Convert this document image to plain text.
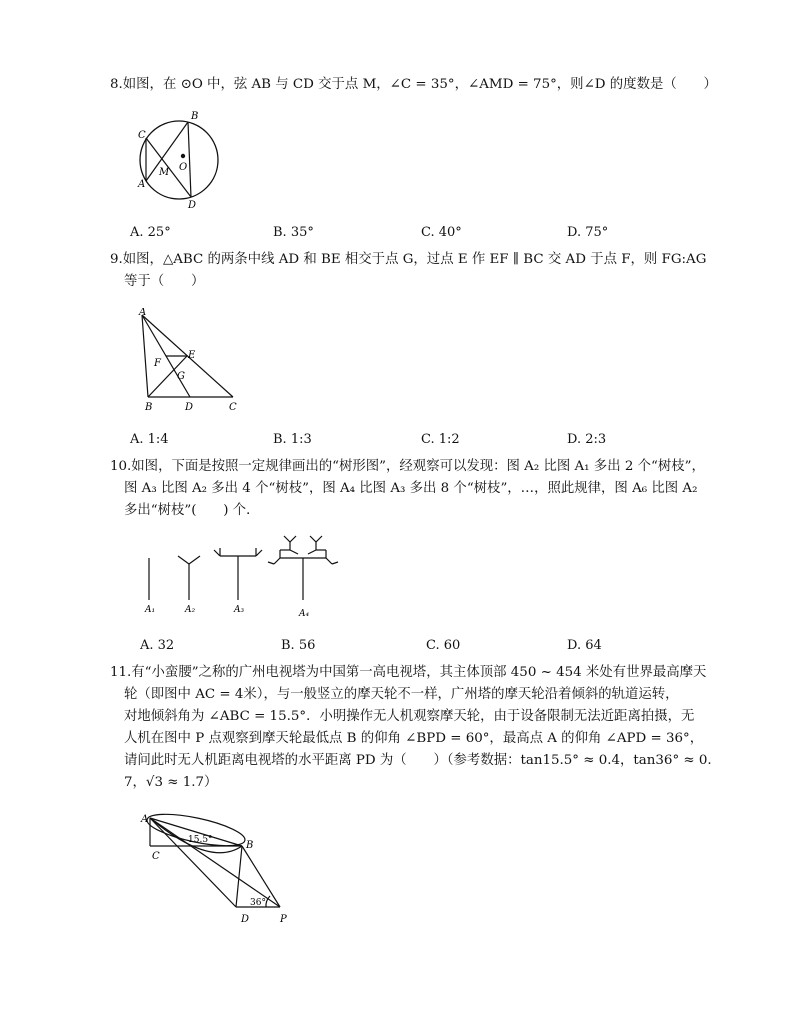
8.如图，在 ⊙O 中，弦 AB 与 CD 交于点 M，∠C = 35°，∠AMD = 75°，则∠D 的度数是（　　）
B
C
O
M
A
D
A. 25°	B. 35°	C. 40°	D. 75°
9.如图，△ABC 的两条中线 AD 和 BE 相交于点 G，过点 E 作 EF ∥ BC 交 AD 于点 F，则 FG:AG
等于（　　）
A
E
F
G
B	D	C
A. 1:4	B. 1:3	C. 1:2	D. 2:3
10.如图，下面是按照一定规律画出的“树形图”，经观察可以发现：图 A₂ 比图 A₁ 多出 2 个“树枝”，
图 A₃ 比图 A₂ 多出 4 个“树枝”，图 A₄ 比图 A₃ 多出 8 个“树枝”，…，照此规律，图 A₆ 比图 A₂
多出“树枝”(　　) 个．
A₁	A₂	A₃	A₄
A. 32	B. 56	C. 60	D. 64
11.有“小蛮腰”之称的广州电视塔为中国第一高电视塔，其主体顶部 450 ~ 454 米处有世界最高摩天
轮（即图中 AC = 4米），与一般竖立的摩天轮不一样，广州塔的摩天轮沿着倾斜的轨道运转，
对地倾斜角为 ∠ABC = 15.5°．小明操作无人机观察摩天轮，由于设备限制无法近距离拍摄，无
人机在图中 P 点观察到摩天轮最低点 B 的仰角 ∠BPD = 60°，最高点 A 的仰角 ∠APD = 36°，
请问此时无人机距离电视塔的水平距离 PD 为（　　）（参考数据：tan15.5° ≈ 0.4，tan36° ≈ 0.
7，√3 ≈ 1.7）
A
15.5°	B
C
36°
D	P
